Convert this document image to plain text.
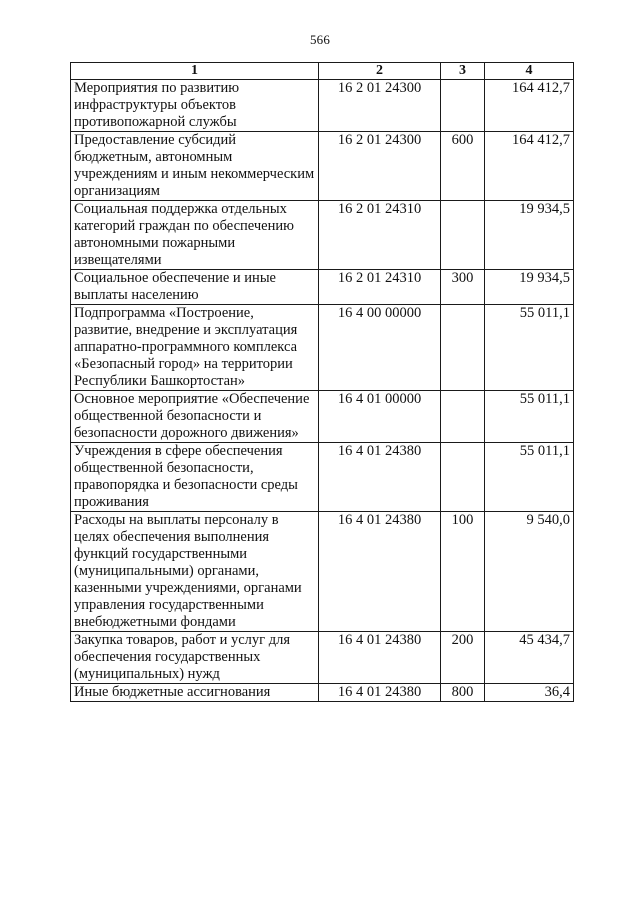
566
1	2	3	4
Мероприятия по развитию инфраструктуры объектов противопожарной службы	16 2 01 24300		164 412,7
Предоставление субсидий бюджетным, автономным учреждениям и иным некоммерческим организациям	16 2 01 24300	600	164 412,7
Социальная поддержка отдельных категорий граждан по обеспечению автономными пожарными извещателями	16 2 01 24310		19 934,5
Социальное обеспечение и иные выплаты населению	16 2 01 24310	300	19 934,5
Подпрограмма «Построение, развитие, внедрение и эксплуатация аппаратно-программного комплекса «Безопасный город» на территории Республики Башкортостан»	16 4 00 00000		55 011,1
Основное мероприятие «Обеспечение общественной безопасности и безопасности дорожного движения»	16 4 01 00000		55 011,1
Учреждения в сфере обеспечения общественной безопасности, правопорядка и безопасности среды проживания	16 4 01 24380		55 011,1
Расходы на выплаты персоналу в целях обеспечения выполнения функций государственными (муниципальными) органами, казенными учреждениями, органами управления государственными внебюджетными фондами	16 4 01 24380	100	9 540,0
Закупка товаров, работ и услуг для обеспечения государственных (муниципальных) нужд	16 4 01 24380	200	45 434,7
Иные бюджетные ассигнования	16 4 01 24380	800	36,4
